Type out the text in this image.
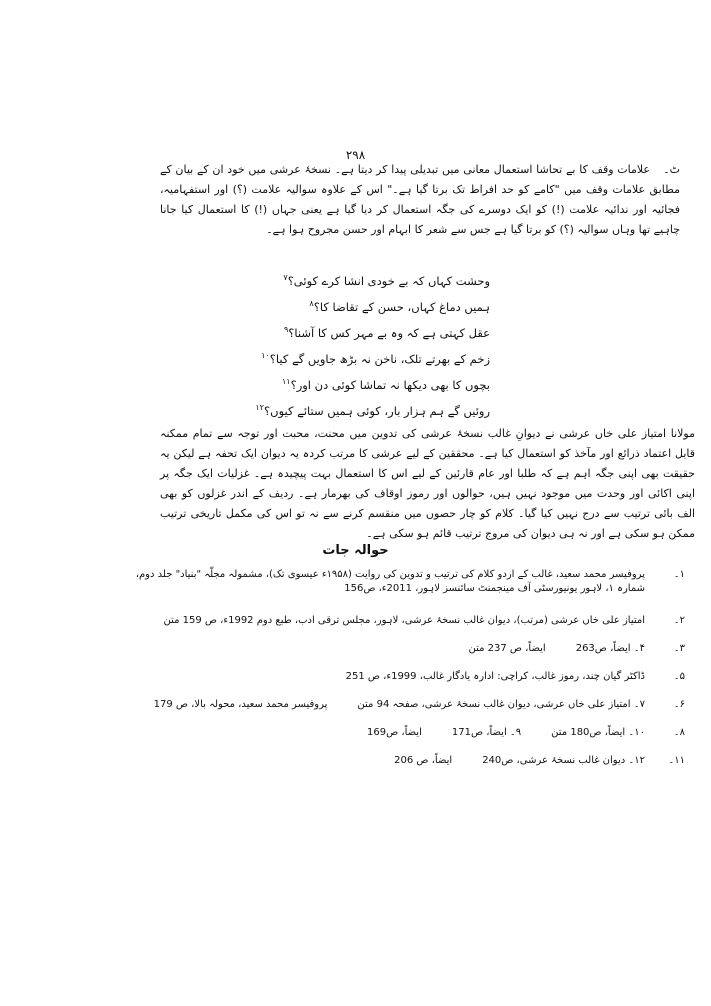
۲۹۸
ٹ۔
علامات وقف کا بے تحاشا استعمال معانی میں تبدیلی پیدا کر دیتا ہے۔ نسخۂ عرشی میں خود ان کے بیان کے مطابق علامات وقف میں "کامے کو حد افراط تک برتا گیا ہے۔" اس کے علاوہ سوالیہ علامت (؟) اور استفہامیہ، فجائیہ اور ندائیہ علامت (!) کو ایک دوسرے کی جگہ استعمال کر دیا گیا ہے یعنی جہاں (!) کا استعمال کیا جانا چاہیے تھا وہاں سوالیہ (؟) کو برتا گیا ہے جس سے شعر کا ابہام اور حسن مجروح ہوا ہے۔
وحشت کہاں کہ بے خودی انشا کرے کوئی؟$^۷$
ہمیں دماغ کہاں، حسن کے تقاضا کا؟$^۸$
عقل کہتی ہے کہ وہ بے مہر کس کا آشنا؟$^۹$
زخم کے بھرتے تلک، ناخن نہ بڑھ جاویں گے کیا؟$^{۱۰}$
بچوں کا بھی دیکھا نہ تماشا کوئی دن اور؟$^{۱۱}$
روئیں گے ہم ہزار بار، کوئی ہمیں ستائے کیوں؟$^{۱۲}$
مولانا امتیاز علی خاں عرشی نے دیوانِ غالب نسخۂ عرشی کی تدوین میں محنت، محبت اور توجہ سے تمام ممکنہ قابل اعتماد ذرائع اور مآخذ کو استعمال کیا ہے۔ محققین کے لیے عرشی کا مرتب کردہ یہ دیوان ایک تحفہ ہے لیکن یہ حقیقت بھی اپنی جگہ اہم ہے کہ طلبا اور عام قارئین کے لیے اس کا استعمال بہت پیچیدہ ہے۔ غزلیات ایک جگہ پر اپنی اکائی اور وحدت میں موجود نہیں ہیں، حوالوں اور رموز اوقاف کی بھرمار ہے۔ ردیف کے اندر غزلوں کو بھی الف بائی ترتیب سے درج نہیں کیا گیا۔ کلام کو چار حصوں میں منقسم کرنے سے نہ تو اس کی مکمل تاریخی ترتیب ممکن ہو سکی ہے اور نہ ہی دیوان کی مروج ترتیب قائم ہو سکی ہے۔
حوالہ جات
۱۔
پروفیسر محمد سعید، غالب کے اردو کلام کی ترتیب و تدوین کی روایت (۱۹۵۸ء عیسوی تک)، مشمولہ مجلّہ "بنیاد" جلد دوم، شمارہ ۱، لاہور یونیورسٹی آف مینجمنٹ سائنسز لاہور، 2011ء، ص156
۲۔
امتیاز علی خاں عرشی (مرتب)، دیوان غالب نسخۂ عرشی، لاہور، مجلس ترقی ادب، طبع دوم 1992ء، ص 159 متن
۳۔
ایضاً، ص 237 متن	۴۔ ایضاً، ص263
۵۔
ڈاکٹر گیان چند، رموز غالب، کراچی: ادارہ یادگار غالب، 1999ء، ص 251
۶۔
پروفیسر محمد سعید، محولہ بالا، ص 179	۷۔ امتیاز علی خاں عرشی، دیوان غالب نسخۂ عرشی، صفحہ 94 متن
۸۔
ایضاً، ص169	۹۔ ایضاً، ص171	۱۰۔ ایضاً، ص180 متن
۱۱۔
ایضاً، ص 206	۱۲۔ دیوان غالب نسخۂ عرشی، ص240
